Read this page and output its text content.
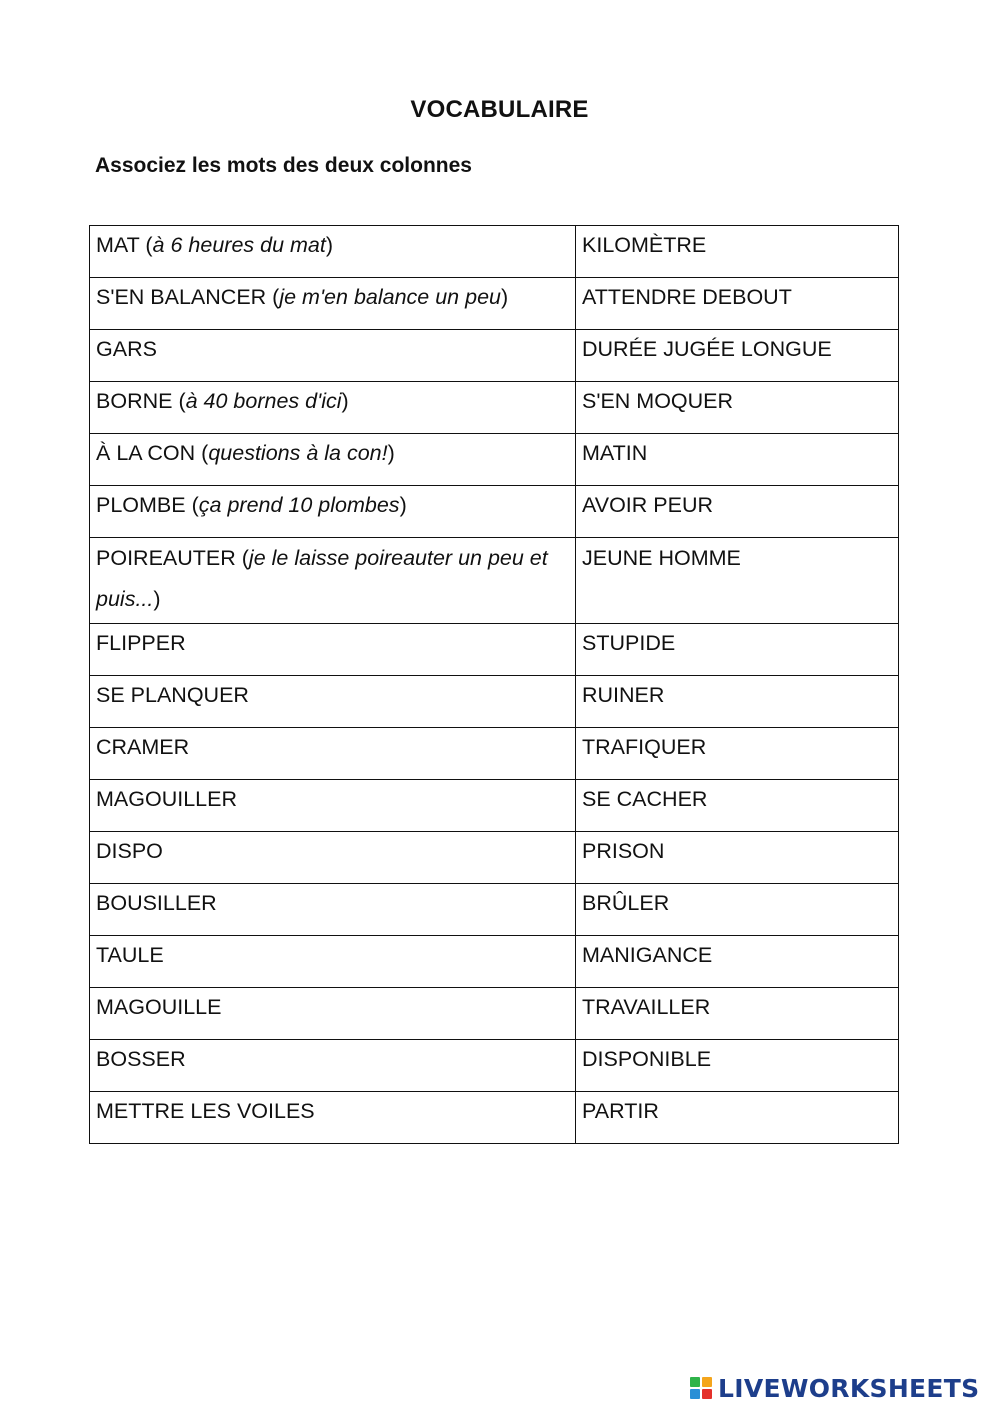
VOCABULAIRE
Associez les mots des deux colonnes
MAT (à 6 heures du mat)	KILOMÈTRE
S'EN BALANCER (je m'en balance un peu)	ATTENDRE DEBOUT
GARS	DURÉE JUGÉE LONGUE
BORNE (à 40 bornes d'ici)	S'EN MOQUER
À LA CON (questions à la con!)	MATIN
PLOMBE (ça prend 10 plombes)	AVOIR PEUR
POIREAUTER (je le laisse poireauter un peu et puis...)	JEUNE HOMME
FLIPPER	STUPIDE
SE PLANQUER	RUINER
CRAMER	TRAFIQUER
MAGOUILLER	SE CACHER
DISPO	PRISON
BOUSILLER	BRÛLER
TAULE	MANIGANCE
MAGOUILLE	TRAVAILLER
BOSSER	DISPONIBLE
METTRE LES VOILES	PARTIR
LIVEWORKSHEETS
